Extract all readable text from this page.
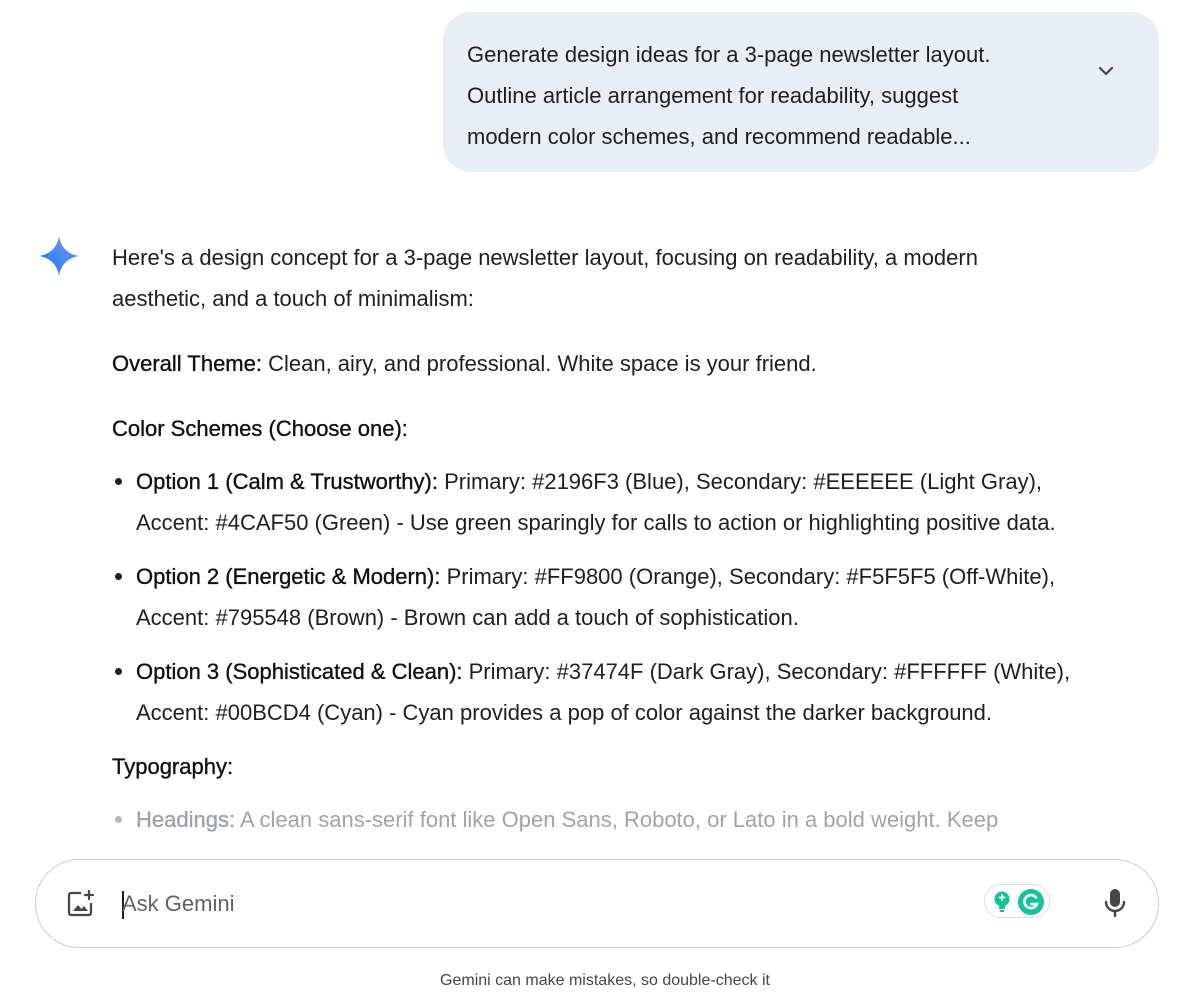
Generate design ideas for a 3-page newsletter layout.
Outline article arrangement for readability, suggest
modern color schemes, and recommend readable...

Here's a design concept for a 3-page newsletter layout, focusing on readability, a modern

aesthetic, and a touch of minimalism:

Overall Theme: Clean, airy, and professional. White space is your friend.

Color Schemes (Choose one):

Option 1 (Calm & Trustworthy): Primary: #2196F3 (Blue), Secondary: #EEEEEE (Light Gray),
Accent: #4CAF50 (Green) - Use green sparingly for calls to action or highlighting positive data.
Option 2 (Energetic & Modern): Primary: #FF9800 (Orange), Secondary: #F5F5F5 (Off-White),
Accent: #795548 (Brown) - Brown can add a touch of sophistication.
Option 3 (Sophisticated & Clean): Primary: #37474F (Dark Gray), Secondary: #FFFFFF (White),
Accent: #00BCD4 (Cyan) - Cyan provides a pop of color against the darker background.

Typography:

Headings: A clean sans-serif font like Open Sans, Roboto, or Lato in a bold weight. Keep
Ask Gemini
Gemini can make mistakes, so double-check it
